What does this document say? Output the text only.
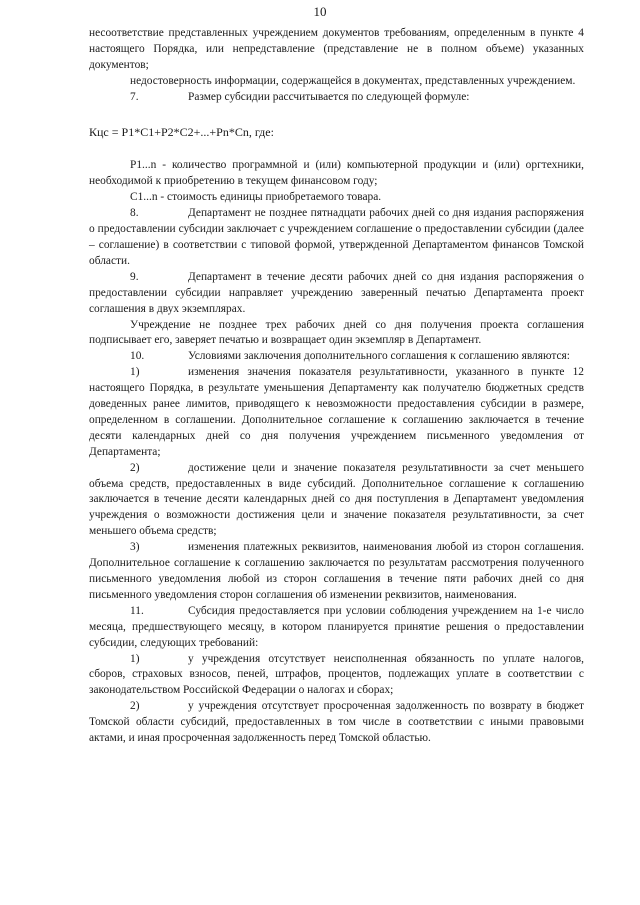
10

несоответствие представленных учреждением документов требованиям, определенным в пункте 4 настоящего Порядка, или непредставление (представление не в полном объеме) указанных документов;

недостоверность информации, содержащейся в документах, представленных учреждением.

7.	Размер субсидии рассчитывается по следующей формуле:

Кцс = Р1*С1+Р2*С2+...+Рn*Сn, где:

Р1...n - количество программной и (или) компьютерной продукции и (или) оргтехники, необходимой к приобретению в текущем финансовом году;

С1...n - стоимость единицы приобретаемого товара.

8.	Департамент не позднее пятнадцати рабочих дней со дня издания распоряжения о предоставлении субсидии заключает с учреждением соглашение о предоставлении субсидии (далее – соглашение) в соответствии с типовой формой, утвержденной Департаментом финансов Томской области.

9.	Департамент в течение десяти рабочих дней со дня издания распоряжения о предоставлении субсидии направляет учреждению заверенный печатью Департамента проект соглашения в двух экземплярах.

Учреждение не позднее трех рабочих дней со дня получения проекта соглашения подписывает его, заверяет печатью и возвращает один экземпляр в Департамент.

10.	Условиями заключения дополнительного соглашения к соглашению являются:

1)	изменения значения показателя результативности, указанного в пункте 12 настоящего Порядка, в результате уменьшения Департаменту как получателю бюджетных средств доведенных ранее лимитов, приводящего к невозможности предоставления субсидии в размере, определенном в соглашении. Дополнительное соглашение к соглашению заключается в течение десяти календарных дней со дня получения учреждением письменного уведомления от Департамента;

2)	достижение цели и значение показателя результативности за счет меньшего объема средств, предоставленных в виде субсидий. Дополнительное соглашение к соглашению заключается в течение десяти календарных дней со дня поступления в Департамент уведомления учреждения о возможности достижения цели и значение показателя результативности, за счет меньшего объема средств;

3)	изменения платежных реквизитов, наименования любой из сторон соглашения. Дополнительное соглашение к соглашению заключается по результатам рассмотрения полученного письменного уведомления любой из сторон соглашения в течение пяти рабочих дней со дня письменного уведомления сторон соглашения об изменении реквизитов, наименования.

11.	Субсидия предоставляется при условии соблюдения учреждением на 1-е число месяца, предшествующего месяцу, в котором планируется принятие решения о предоставлении субсидии, следующих требований:

1)	у учреждения отсутствует неисполненная обязанность по уплате налогов, сборов, страховых взносов, пеней, штрафов, процентов, подлежащих уплате в соответствии с законодательством Российской Федерации о налогах и сборах;

2)	у учреждения отсутствует просроченная задолженность по возврату в бюджет Томской области субсидий, предоставленных в том числе в соответствии с иными правовыми актами, и иная просроченная задолженность перед Томской областью.
